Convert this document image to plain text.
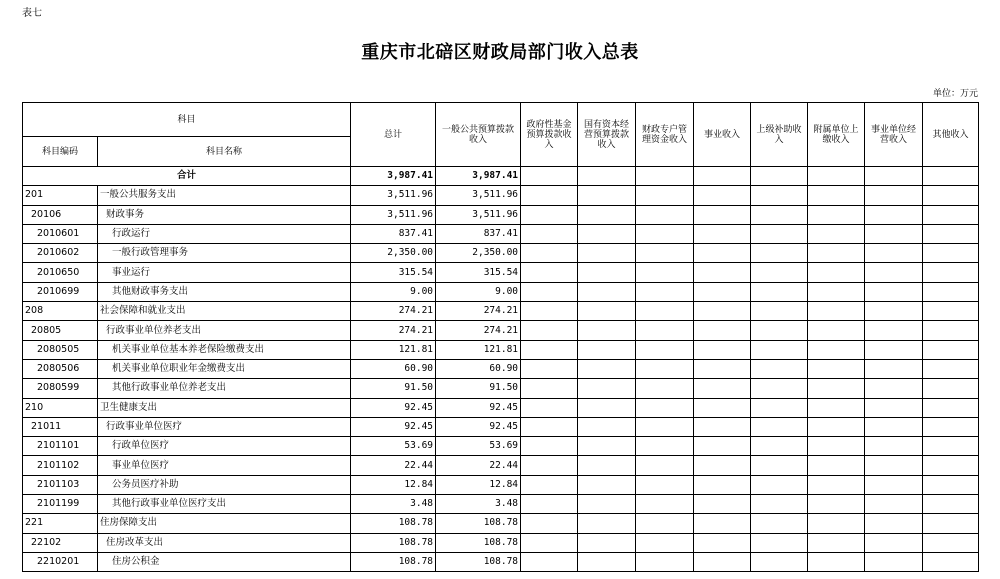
表七
重庆市北碚区财政局部门收入总表
单位：万元
科目		总计	一般公共预算拨款收入	政府性基金预算拨款收入	国有资本经营预算拨款收入	财政专户管理资金收入	事业收入	上级补助收入	附属单位上缴收入	事业单位经营收入	其他收入
科目编码	科目名称										
合计		3,987.41	3,987.41								
201	一般公共服务支出	3,511.96	3,511.96								
20106	财政事务	3,511.96	3,511.96								
2010601	行政运行	837.41	837.41								
2010602	一般行政管理事务	2,350.00	2,350.00								
2010650	事业运行	315.54	315.54								
2010699	其他财政事务支出	9.00	9.00								
208	社会保障和就业支出	274.21	274.21								
20805	行政事业单位养老支出	274.21	274.21								
2080505	机关事业单位基本养老保险缴费支出	121.81	121.81								
2080506	机关事业单位职业年金缴费支出	60.90	60.90								
2080599	其他行政事业单位养老支出	91.50	91.50								
210	卫生健康支出	92.45	92.45								
21011	行政事业单位医疗	92.45	92.45								
2101101	行政单位医疗	53.69	53.69								
2101102	事业单位医疗	22.44	22.44								
2101103	公务员医疗补助	12.84	12.84								
2101199	其他行政事业单位医疗支出	3.48	3.48								
221	住房保障支出	108.78	108.78								
22102	住房改革支出	108.78	108.78								
2210201	住房公积金	108.78	108.78								
